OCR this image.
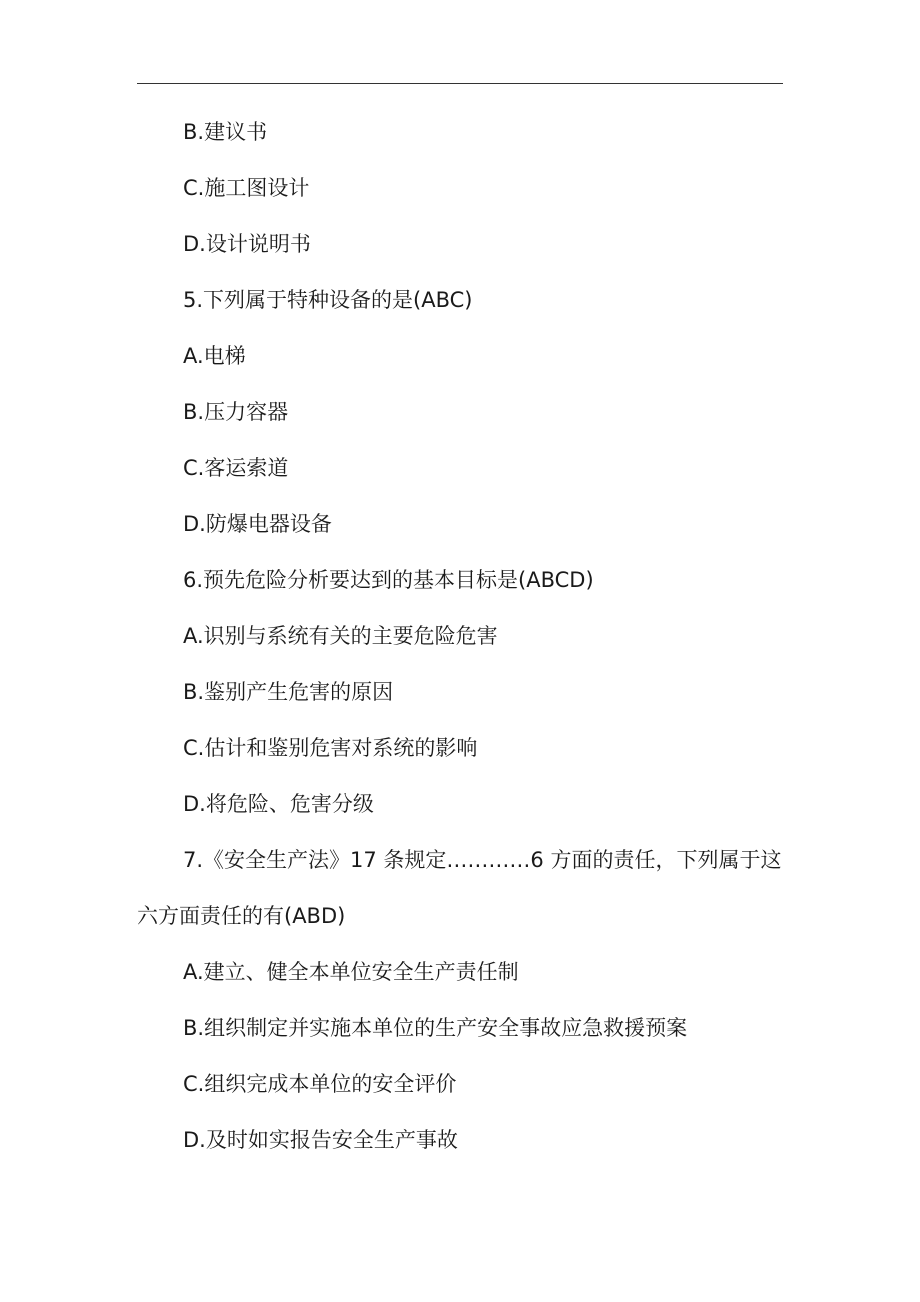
B.建议书
C.施工图设计
D.设计说明书
5.下列属于特种设备的是(ABC)
A.电梯
B.压力容器
C.客运索道
D.防爆电器设备
6.预先危险分析要达到的基本目标是(ABCD)
A.识别与系统有关的主要危险危害
B.鉴别产生危害的原因
C.估计和鉴别危害对系统的影响
D.将危险、危害分级
7.《安全生产法》17 条规定…………6 方面的责任，下列属于这
六方面责任的有(ABD)
A.建立、健全本单位安全生产责任制
B.组织制定并实施本单位的生产安全事故应急救援预案
C.组织完成本单位的安全评价
D.及时如实报告安全生产事故
